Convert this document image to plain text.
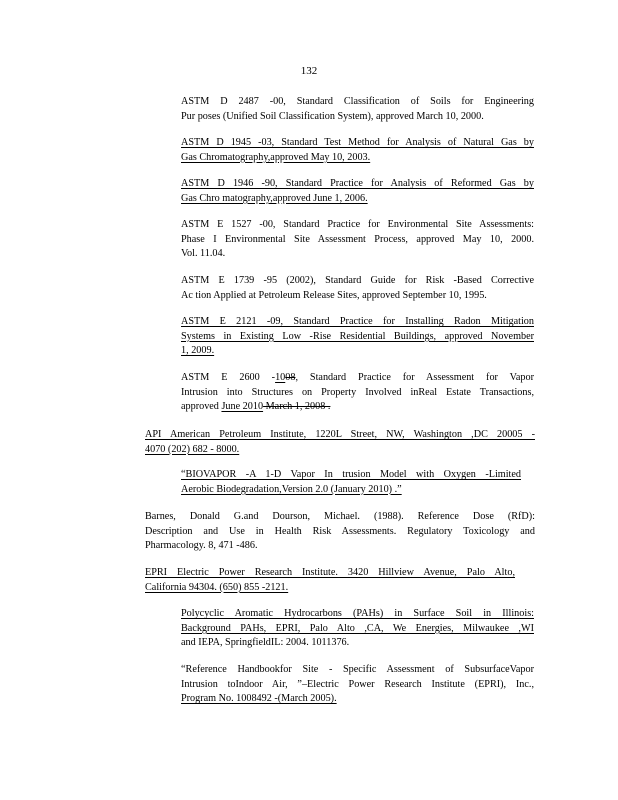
132
ASTM D 2487 -00, Standard Classification of Soils for Engineering
Pur poses (Unified Soil Classification System), approved March 10, 2000.
ASTM D 1945 -03, Standard Test Method for Analysis of Natural Gas by
Gas Chromatography,approved May 10, 2003.
ASTM D 1946 -90, Standard Practice for Analysis of Reformed Gas by
Gas Chro matography,approved June 1, 2006.
ASTM E 1527 -00, Standard Practice for Environmental Site Assessments:
Phase I Environmental Site Assessment Process, approved May 10, 2000.
Vol. 11.04.
ASTM E 1739 -95 (2002), Standard Guide for Risk -Based Corrective
Ac tion Applied at Petroleum Release Sites, approved September 10, 1995.
ASTM E 2121 -09, Standard Practice for Installing Radon Mitigation
Systems in Existing Low -Rise Residential Buildings, approved November
1, 2009.
ASTM E 2600 -1008, Standard Practice for Assessment for Vapor
Intrusion into Structures on Property Involved inReal Estate Transactions,
approved June 2010 March 1, 2008 .
API American Petroleum Institute, 1220L Street, NW, Washington ,DC 20005 -
4070 (202) 682 - 8000.
“BIOVAPOR -A 1-D Vapor In trusion Model with Oxygen -Limited
Aerobic Biodegradation,Version 2.0 (January 2010) .”
Barnes, Donald G.and Dourson, Michael. (1988). Reference Dose (RfD):
Description and Use in Health Risk Assessments. Regulatory Toxicology and
Pharmacology. 8, 471 -486.
EPRI Electric Power Research Institute. 3420 Hillview Avenue, Palo Alto,
California 94304. (650) 855 -2121.
Polycyclic Aromatic Hydrocarbons (PAHs) in Surface Soil in Illinois:
Background PAHs, EPRI, Palo Alto ,CA, We Energies, Milwaukee ,WI
and IEPA, SpringfieldIL: 2004. 1011376.
“Reference Handbookfor Site - Specific Assessment of SubsurfaceVapor
Intrusion toIndoor Air, ”–Electric Power Research Institute (EPRI), Inc.,
Program No. 1008492 -(March 2005).
